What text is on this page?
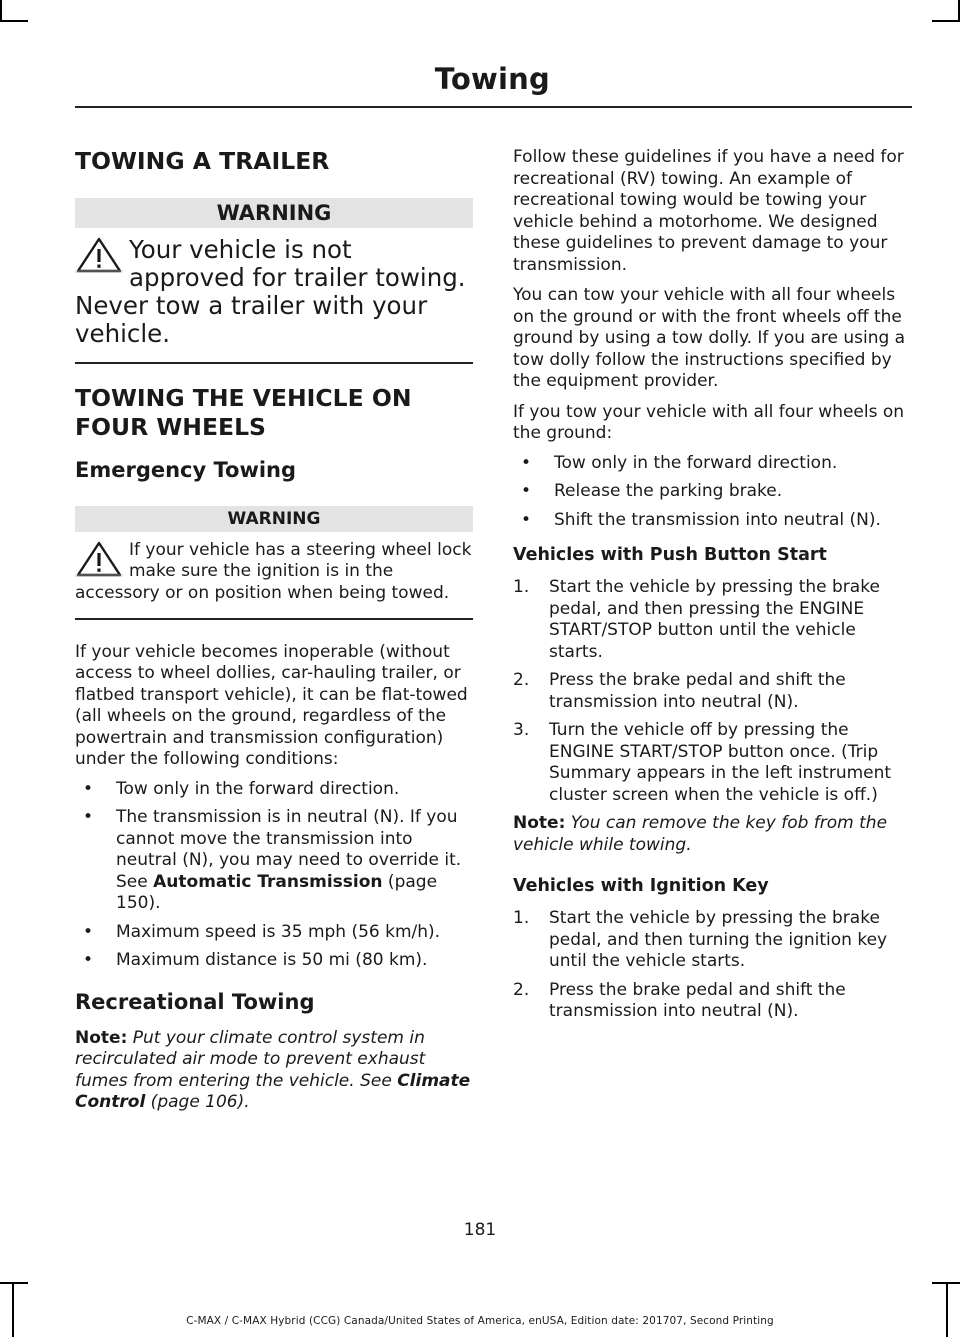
Towing
TOWING A TRAILER
WARNING
Your vehicle is not approved for trailer towing. Never tow a trailer with your vehicle.
TOWING THE VEHICLE ON FOUR WHEELS
Emergency Towing
WARNING
If your vehicle has a steering wheel lock make sure the ignition is in the accessory or on position when being towed.

If your vehicle becomes inoperable (without access to wheel dollies, car-hauling trailer, or flatbed transport vehicle), it can be flat-towed (all wheels on the ground, regardless of the powertrain and transmission configuration) under the following conditions:

• Tow only in the forward direction.
• The transmission is in neutral (N). If you cannot move the transmission into neutral (N), you may need to override it. See Automatic Transmission (page 150).
• Maximum speed is 35 mph (56 km/h).
• Maximum distance is 50 mi (80 km).
Recreational Towing

Note: Put your climate control system in recirculated air mode to prevent exhaust fumes from entering the vehicle. See Climate Control (page 106).

Follow these guidelines if you have a need for recreational (RV) towing. An example of recreational towing would be towing your vehicle behind a motorhome. We designed these guidelines to prevent damage to your transmission.

You can tow your vehicle with all four wheels on the ground or with the front wheels off the ground by using a tow dolly. If you are using a tow dolly follow the instructions specified by the equipment provider.

If you tow your vehicle with all four wheels on the ground:

• Tow only in the forward direction.
• Release the parking brake.
• Shift the transmission into neutral (N).
Vehicles with Push Button Start
1. Start the vehicle by pressing the brake pedal, and then pressing the ENGINE START/STOP button until the vehicle starts.
2. Press the brake pedal and shift the transmission into neutral (N).
3. Turn the vehicle off by pressing the ENGINE START/STOP button once. (Trip Summary appears in the left instrument cluster screen when the vehicle is off.)

Note: You can remove the key fob from the vehicle while towing.

Vehicles with Ignition Key
1. Start the vehicle by pressing the brake pedal, and then turning the ignition key until the vehicle starts.
2. Press the brake pedal and shift the transmission into neutral (N).
181
C-MAX / C-MAX Hybrid (CCG) Canada/United States of America, enUSA, Edition date: 201707, Second Printing
